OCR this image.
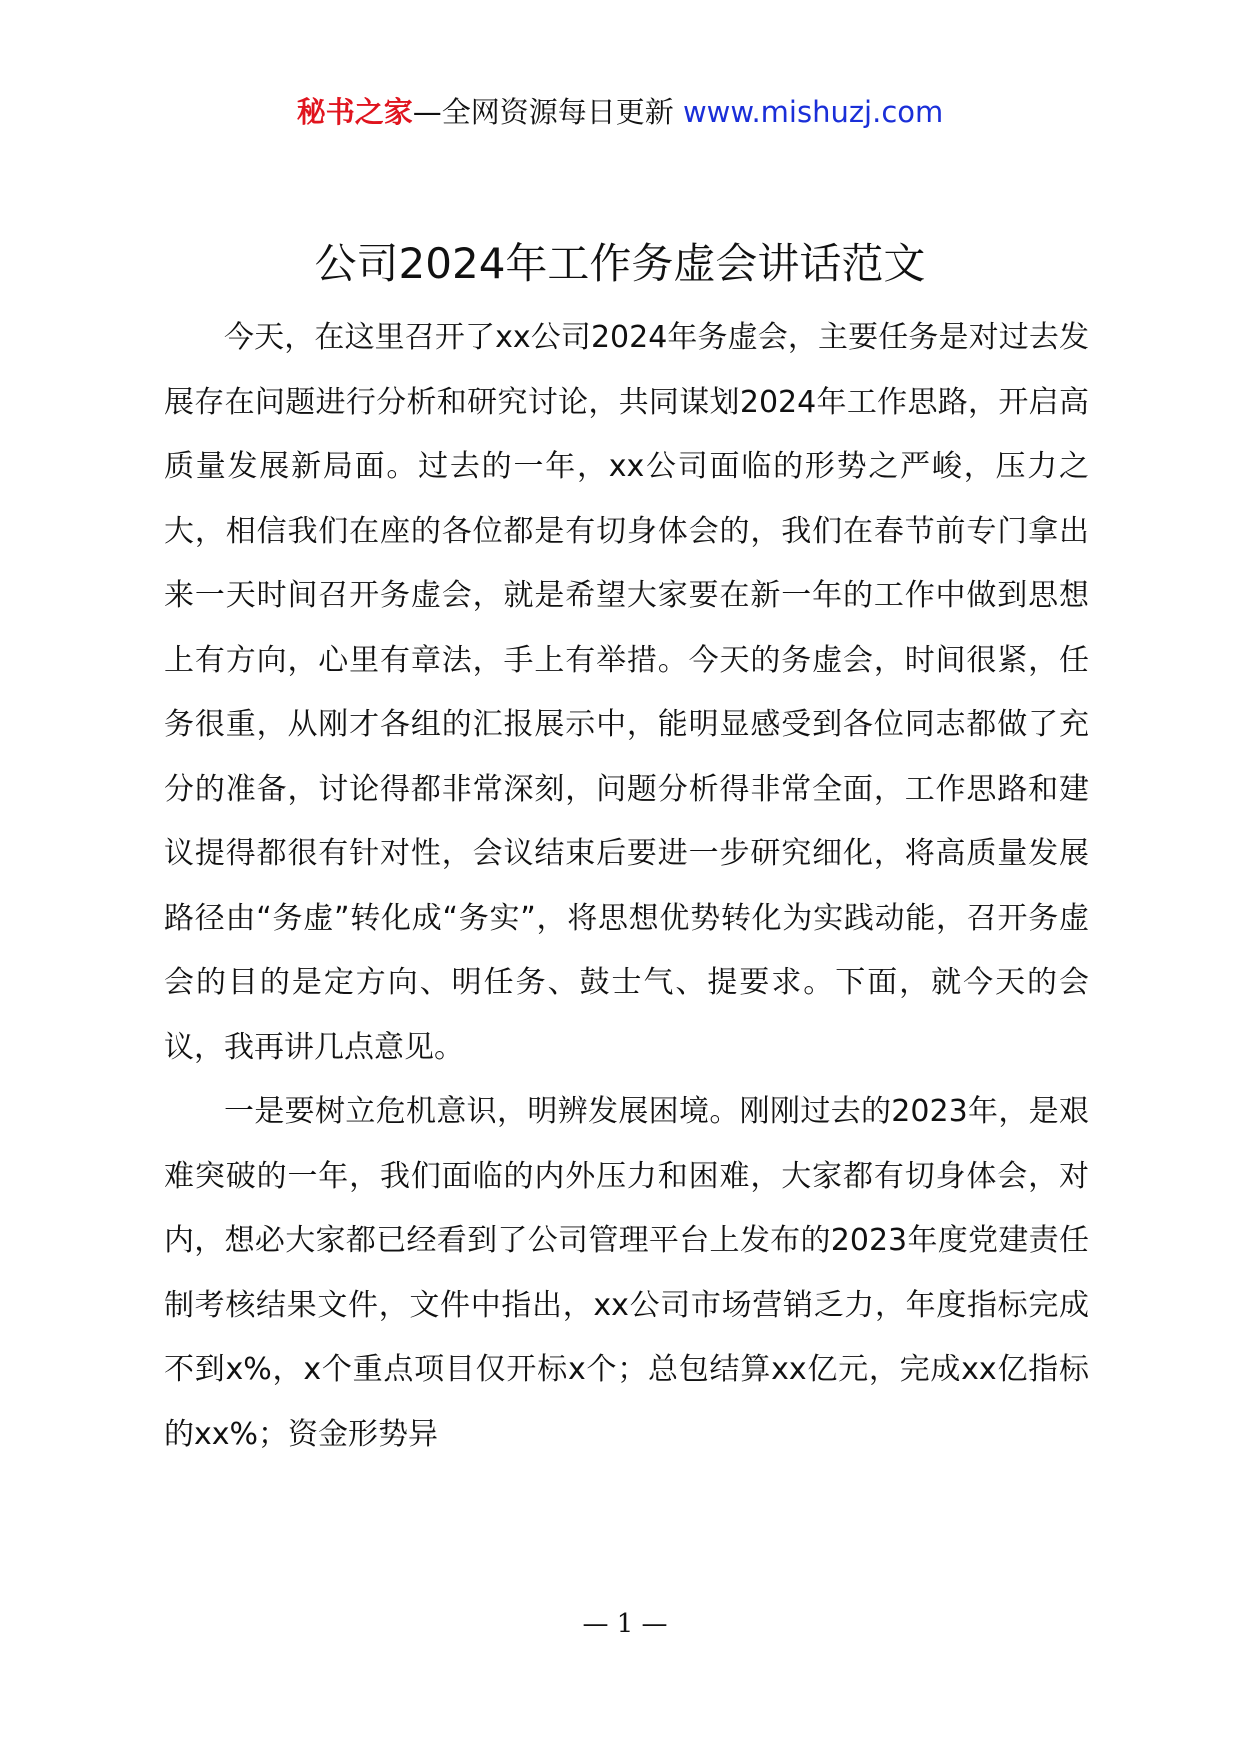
秘书之家—全网资源每日更新 www.mishuzj.com
公司2024年工作务虚会讲话范文

今天，在这里召开了xx公司2024年务虚会，主要任务是对过去发展存在问题进行分析和研究讨论，共同谋划2024年工作思路，开启高质量发展新局面。过去的一年，xx公司面临的形势之严峻，压力之大，相信我们在座的各位都是有切身体会的，我们在春节前专门拿出来一天时间召开务虚会，就是希望大家要在新一年的工作中做到思想上有方向，心里有章法，手上有举措。今天的务虚会，时间很紧，任务很重，从刚才各组的汇报展示中，能明显感受到各位同志都做了充分的准备，讨论得都非常深刻，问题分析得非常全面，工作思路和建议提得都很有针对性，会议结束后要进一步研究细化，将高质量发展路径由“务虚”转化成“务实”，将思想优势转化为实践动能，召开务虚会的目的是定方向、明任务、鼓士气、提要求。下面，就今天的会议，我再讲几点意见。

一是要树立危机意识，明辨发展困境。刚刚过去的2023年，是艰难突破的一年，我们面临的内外压力和困难，大家都有切身体会，对内，想必大家都已经看到了公司管理平台上发布的2023年度党建责任制考核结果文件，文件中指出，xx公司市场营销乏力，年度指标完成不到x%，x个重点项目仅开标x个；总包结算xx亿元，完成xx亿指标的xx%；资金形势异

— 1 —
